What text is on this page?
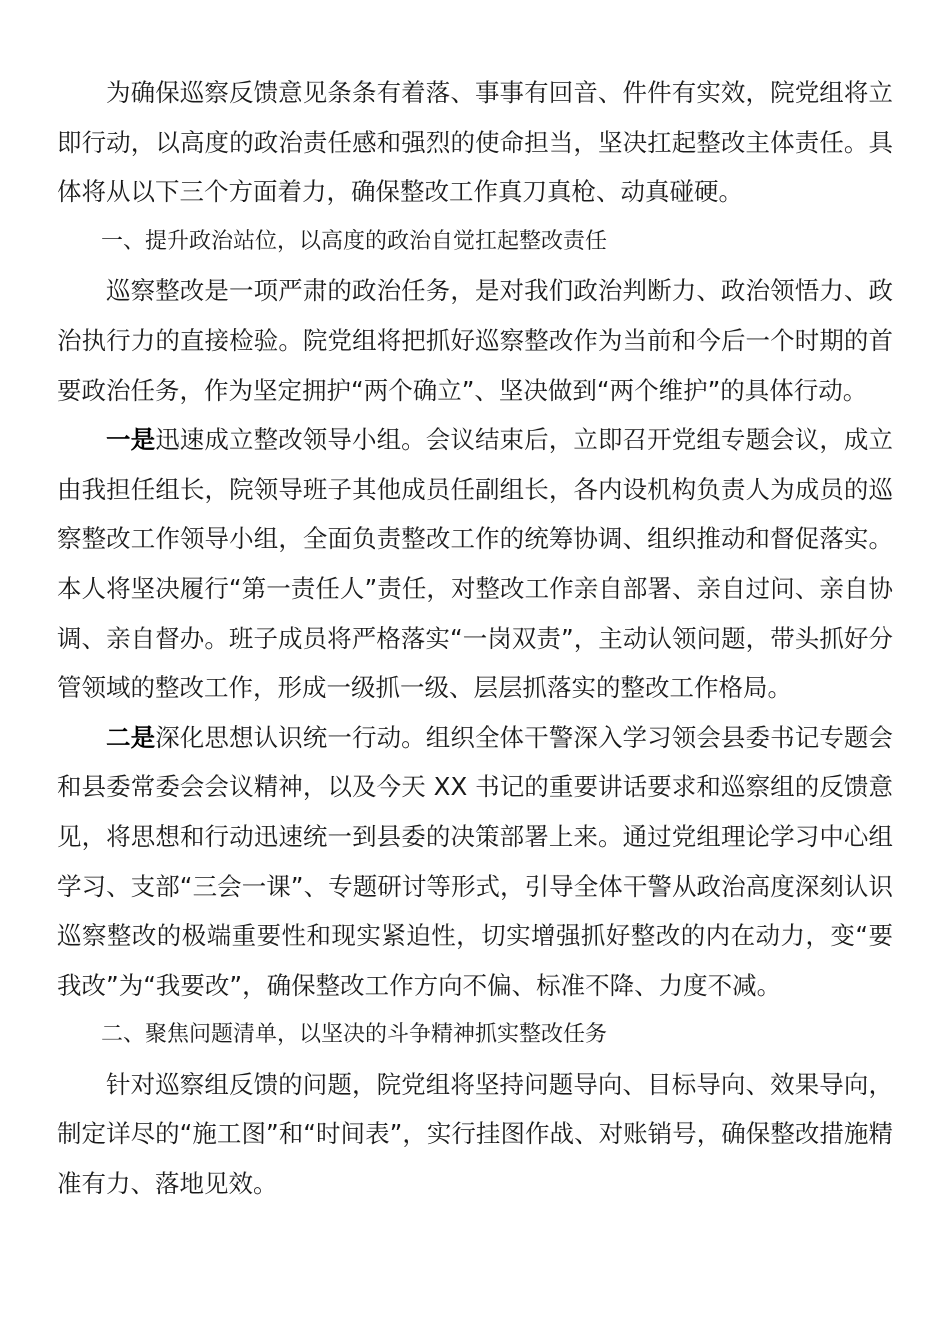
为确保巡察反馈意见条条有着落、事事有回音、件件有实效，院党组将立即行动，以高度的政治责任感和强烈的使命担当，坚决扛起整改主体责任。具体将从以下三个方面着力，确保整改工作真刀真枪、动真碰硬。

一、提升政治站位，以高度的政治自觉扛起整改责任

巡察整改是一项严肃的政治任务，是对我们政治判断力、政治领悟力、政治执行力的直接检验。院党组将把抓好巡察整改作为当前和今后一个时期的首要政治任务，作为坚定拥护“两个确立”、坚决做到“两个维护”的具体行动。

一是迅速成立整改领导小组。会议结束后，立即召开党组专题会议，成立由我担任组长，院领导班子其他成员任副组长，各内设机构负责人为成员的巡察整改工作领导小组，全面负责整改工作的统筹协调、组织推动和督促落实。本人将坚决履行“第一责任人”责任，对整改工作亲自部署、亲自过问、亲自协调、亲自督办。班子成员将严格落实“一岗双责”，主动认领问题，带头抓好分管领域的整改工作，形成一级抓一级、层层抓落实的整改工作格局。

二是深化思想认识统一行动。组织全体干警深入学习领会县委书记专题会和县委常委会会议精神，以及今天 XX 书记的重要讲话要求和巡察组的反馈意见，将思想和行动迅速统一到县委的决策部署上来。通过党组理论学习中心组学习、支部“三会一课”、专题研讨等形式，引导全体干警从政治高度深刻认识巡察整改的极端重要性和现实紧迫性，切实增强抓好整改的内在动力，变“要我改”为“我要改”，确保整改工作方向不偏、标准不降、力度不减。

二、聚焦问题清单，以坚决的斗争精神抓实整改任务

针对巡察组反馈的问题，院党组将坚持问题导向、目标导向、效果导向，制定详尽的“施工图”和“时间表”，实行挂图作战、对账销号，确保整改措施精准有力、落地见效。
